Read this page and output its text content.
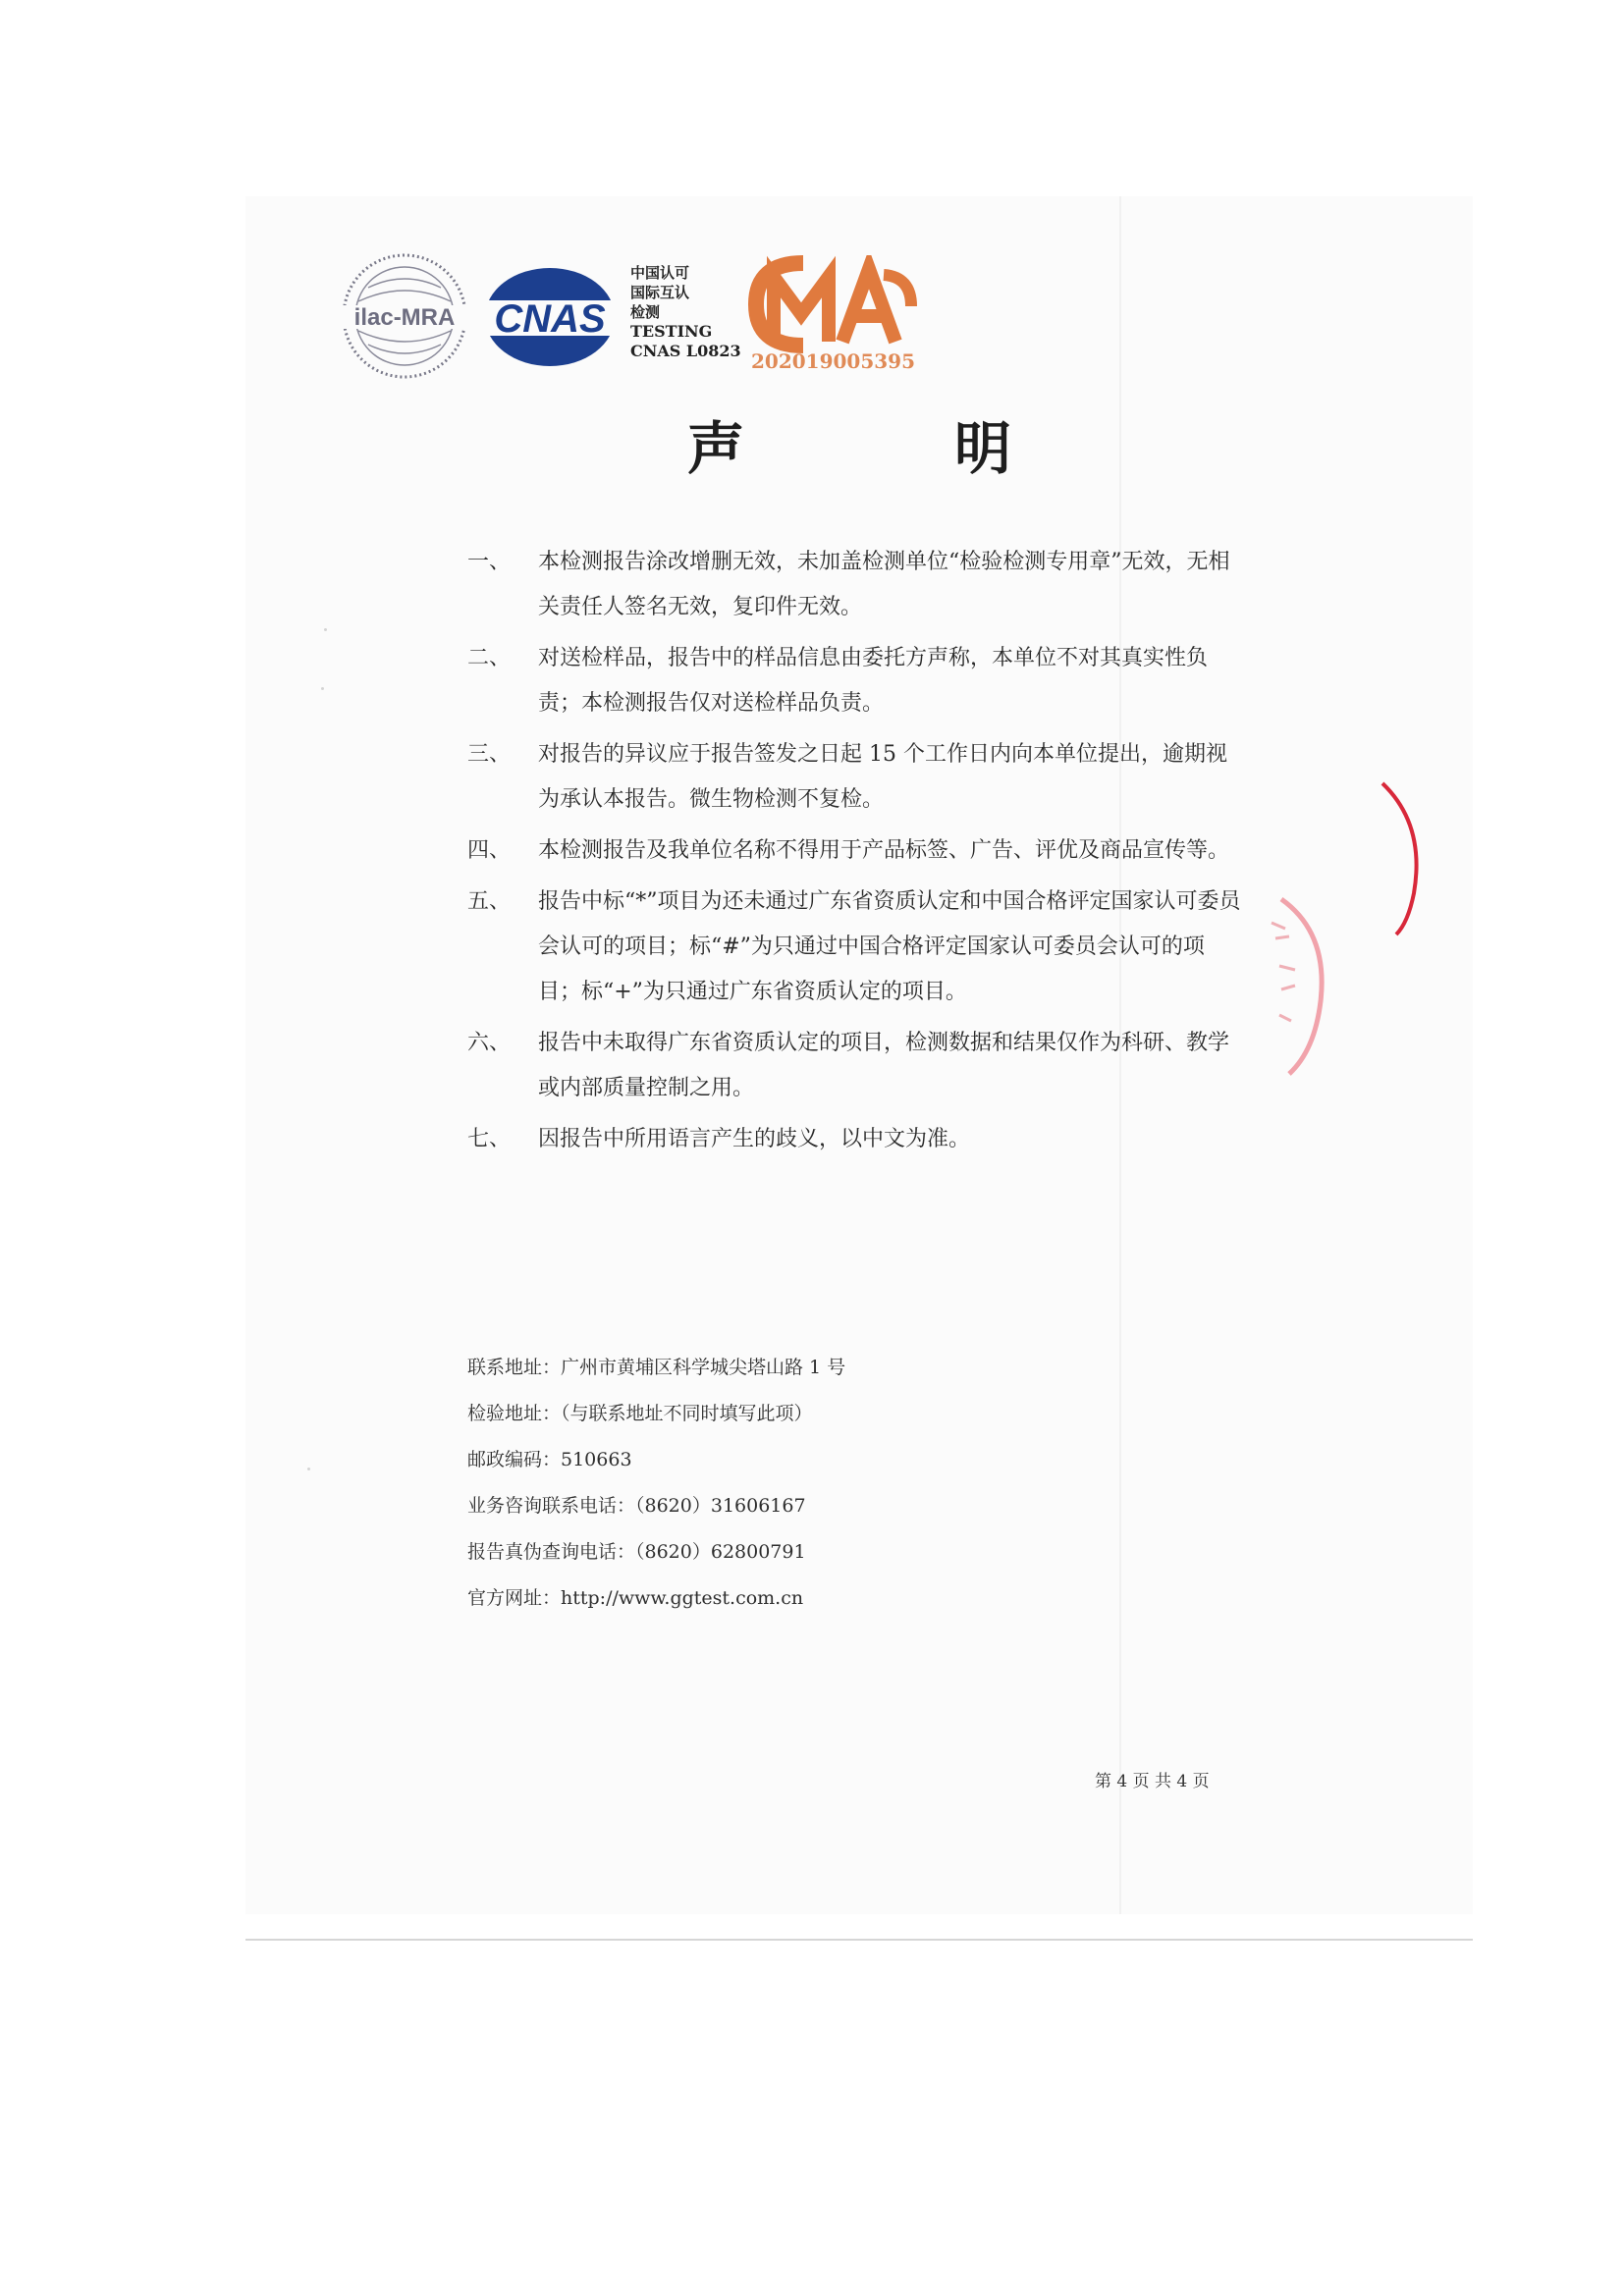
ilac-MRA CNAS
中国认可
国际互认
检测
TESTING
CNAS L0823
CMA
202019005395
声	明
一、	本检测报告涂改增删无效，未加盖检测单位“检验检测专用章”无效，无相关责任人签名无效，复印件无效。
二、	对送检样品，报告中的样品信息由委托方声称，本单位不对其真实性负责；本检测报告仅对送检样品负责。
三、	对报告的异议应于报告签发之日起 15 个工作日内向本单位提出，逾期视为承认本报告。微生物检测不复检。
四、	本检测报告及我单位名称不得用于产品标签、广告、评优及商品宣传等。
五、	报告中标“*”项目为还未通过广东省资质认定和中国合格评定国家认可委员会认可的项目；标“#”为只通过中国合格评定国家认可委员会认可的项目；标“+”为只通过广东省资质认定的项目。
六、	报告中未取得广东省资质认定的项目，检测数据和结果仅作为科研、教学或内部质量控制之用。
七、	因报告中所用语言产生的歧义，以中文为准。
联系地址：广州市黄埔区科学城尖塔山路 1 号
检验地址：（与联系地址不同时填写此项）
邮政编码：510663
业务咨询联系电话：（8620）31606167
报告真伪查询电话：（8620）62800791
官方网址：http://www.ggtest.com.cn
第 4 页 共 4 页
